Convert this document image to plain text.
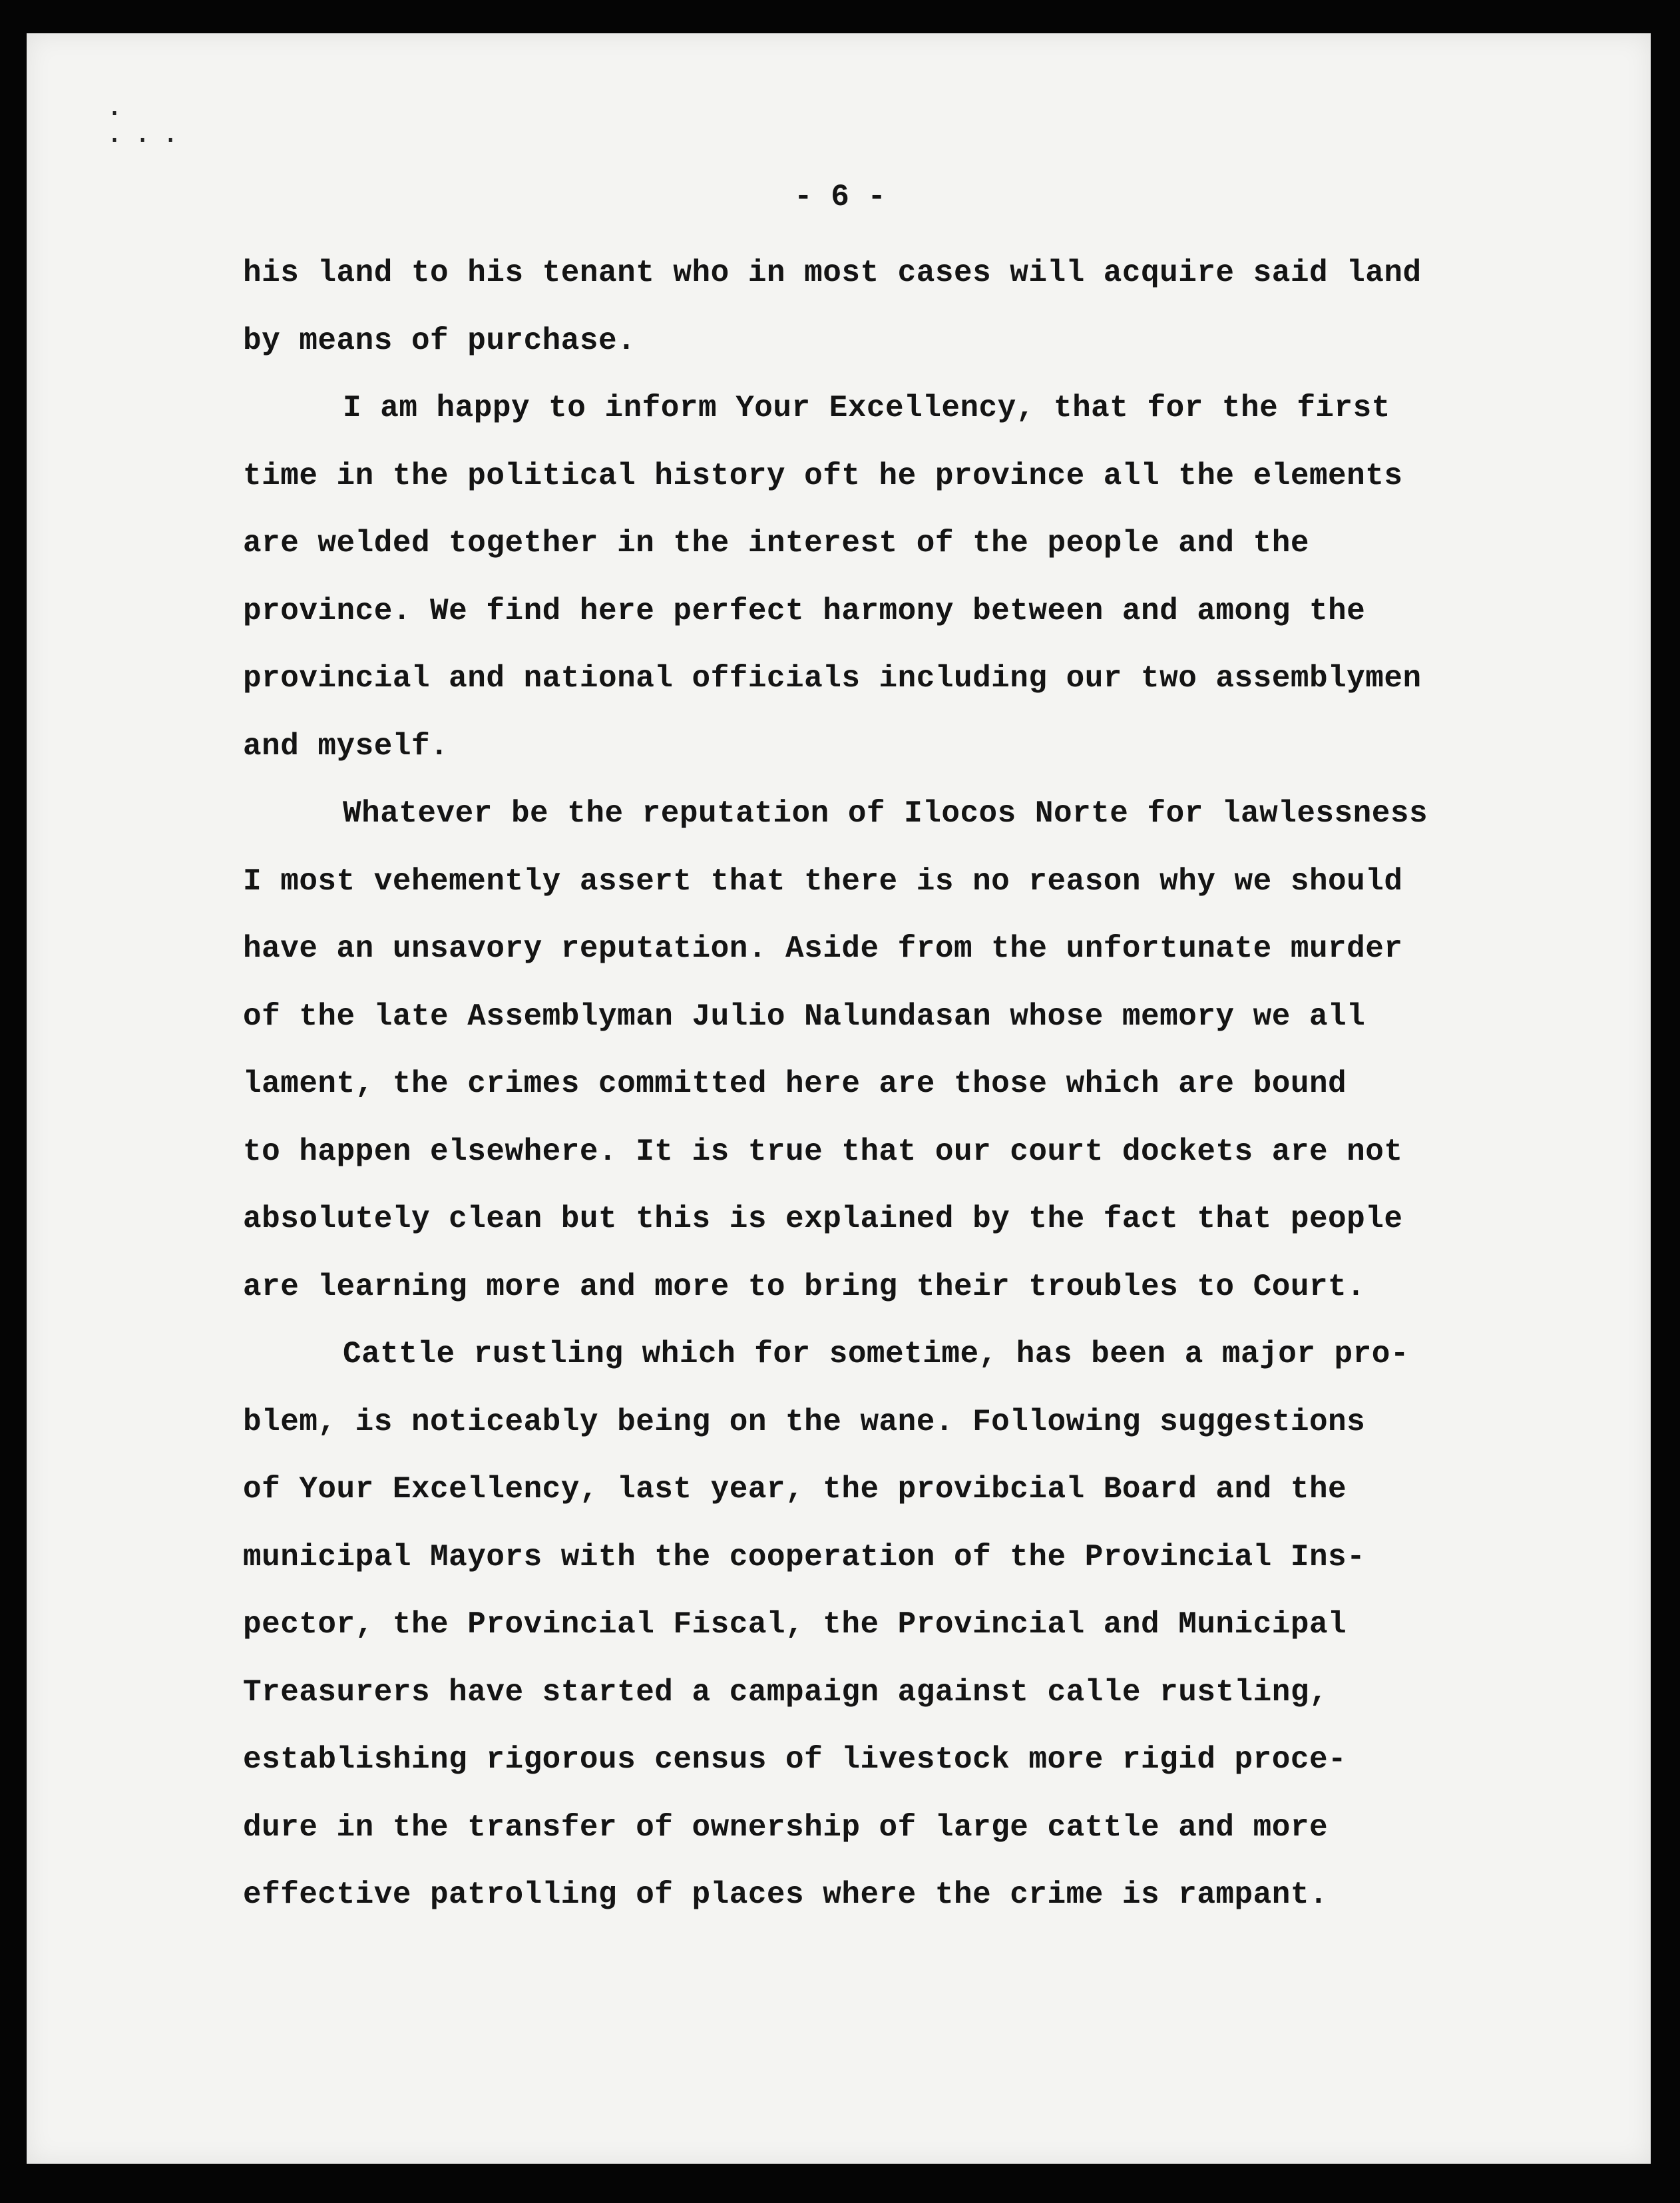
.
...
- 6 -
his land to his tenant who in most cases will acquire said land
by means of purchase.
I am happy to inform Your Excellency, that for the first
time in the political history oft he province all the elements
are welded together in the interest of the people and the
province. We find here perfect harmony between and among the
provincial and national officials including our two assemblymen
and myself.
Whatever be the reputation of Ilocos Norte for lawlessness
I most vehemently assert that there is no reason why we should
have an unsavory reputation. Aside from the unfortunate murder
of the late Assemblyman Julio Nalundasan whose memory we all
lament, the crimes committed here are those which are bound
to happen elsewhere. It is true that our court dockets are not
absolutely clean but this is explained by the fact that people
are learning more and more to bring their troubles to Court.
Cattle rustling which for sometime, has been a major pro-
blem, is noticeably being on the wane. Following suggestions
of Your Excellency, last year, the provibcial Board and the
municipal Mayors with the cooperation of the Provincial Ins-
pector, the Provincial Fiscal, the Provincial and Municipal
Treasurers have started a campaign against calle rustling,
establishing rigorous census of livestock more rigid proce-
dure in the transfer of ownership of large cattle and more
effective patrolling of places where the crime is rampant.
